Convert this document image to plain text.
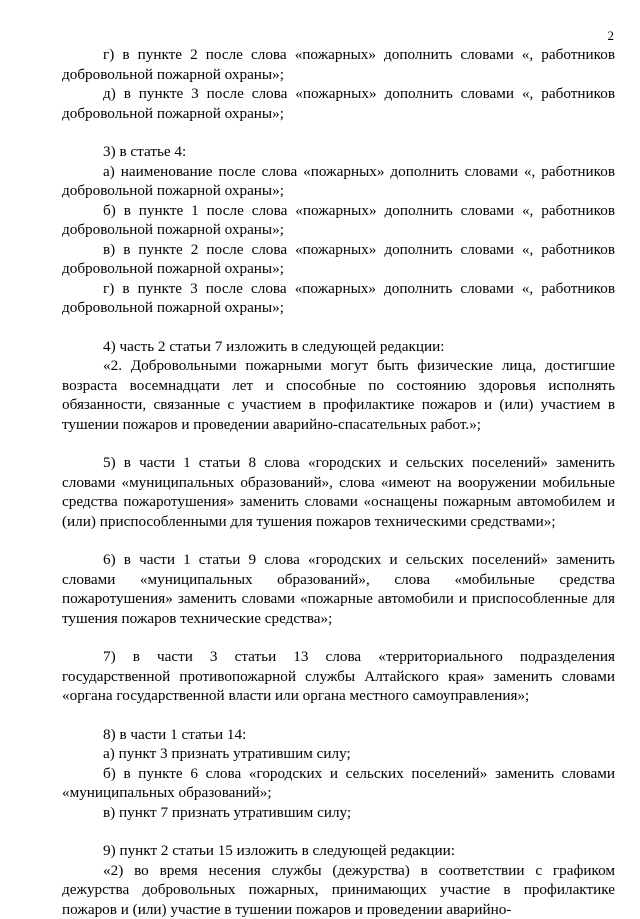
2

г) в пункте 2 после слова «пожарных» дополнить словами «, работников добровольной пожарной охраны»;

д) в пункте 3 после слова «пожарных» дополнить словами «, работников добровольной пожарной охраны»;

3) в статье 4:

а) наименование после слова «пожарных» дополнить словами «, работников добровольной пожарной охраны»;

б) в пункте 1 после слова «пожарных» дополнить словами «, работников добровольной пожарной охраны»;

в) в пункте 2 после слова «пожарных» дополнить словами «, работников добровольной пожарной охраны»;

г) в пункте 3 после слова «пожарных» дополнить словами «, работников добровольной пожарной охраны»;

4) часть 2 статьи 7 изложить в следующей редакции:

«2. Добровольными пожарными могут быть физические лица, достигшие возраста восемнадцати лет и способные по состоянию здоровья исполнять обязанности, связанные с участием в профилактике пожаров и (или) участием в тушении пожаров и проведении аварийно-спасательных работ.»;

5) в части 1 статьи 8 слова «городских и сельских поселений» заменить словами «муниципальных образований», слова «имеют на вооружении мобильные средства пожаротушения» заменить словами «оснащены пожарным автомобилем и (или) приспособленными для тушения пожаров техническими средствами»;

6) в части 1 статьи 9 слова «городских и сельских поселений» заменить словами «муниципальных образований», слова «мобильные средства пожаротушения» заменить словами «пожарные автомобили и приспособленные для тушения пожаров технические средства»;

7) в части 3 статьи 13 слова «территориального подразделения государственной противопожарной службы Алтайского края» заменить словами «органа государственной власти или органа местного самоуправления»;

8) в части 1 статьи 14:

а) пункт 3 признать утратившим силу;

б) в пункте 6 слова «городских и сельских поселений» заменить словами «муниципальных образований»;

в) пункт 7 признать утратившим силу;

9) пункт 2 статьи 15 изложить в следующей редакции:

«2) во время несения службы (дежурства) в соответствии с графиком дежурства добровольных пожарных, принимающих участие в профилактике пожаров и (или) участие в тушении пожаров и проведении аварийно-
